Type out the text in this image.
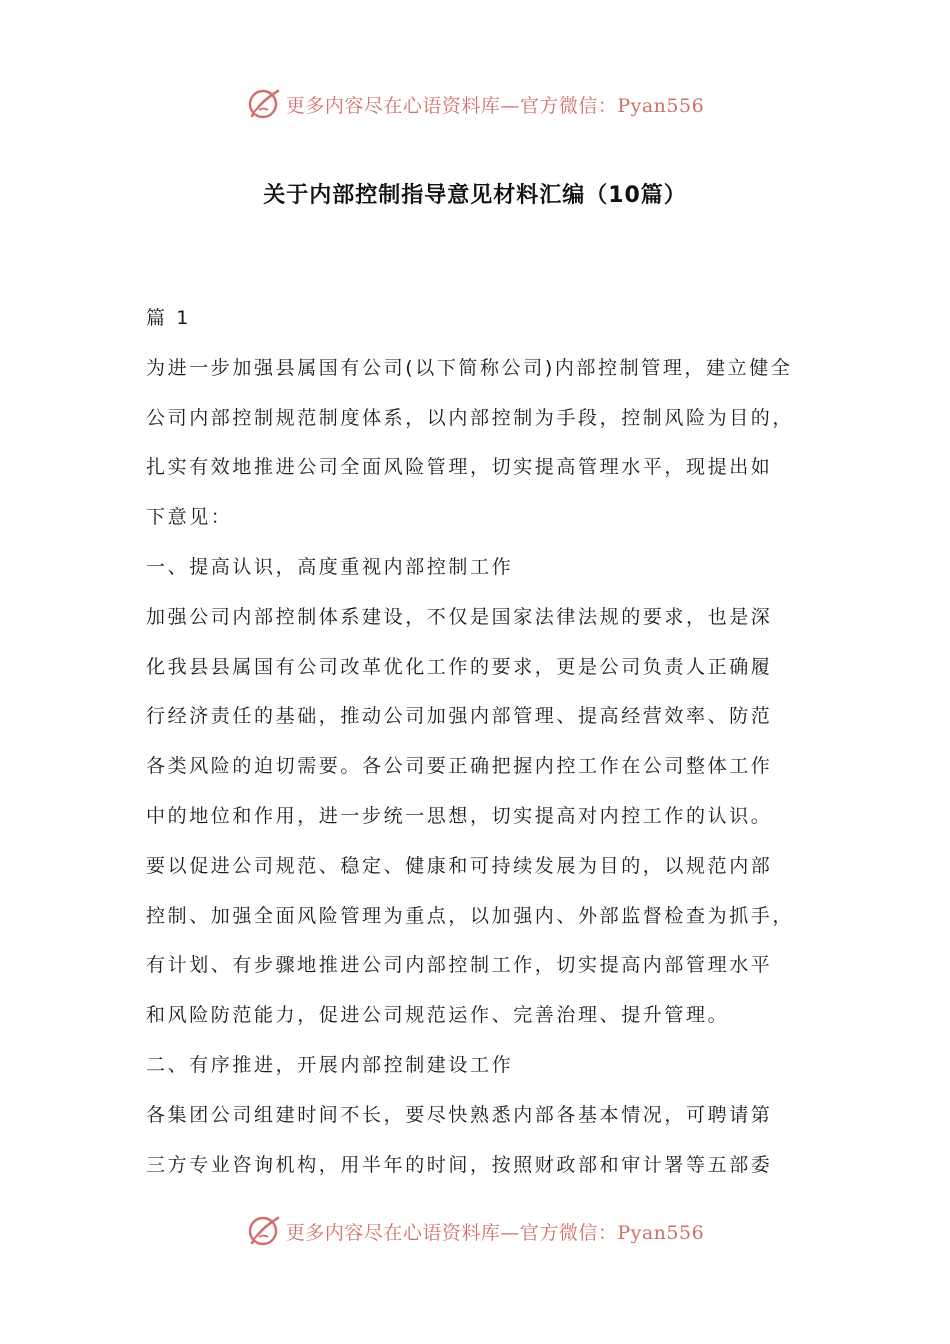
更多内容尽在心语资料库—官方微信：Pyan556
关于内部控制指导意见材料汇编（10篇）
篇 1
为进一步加强县属国有公司(以下简称公司)内部控制管理，建立健全
公司内部控制规范制度体系，以内部控制为手段，控制风险为目的，
扎实有效地推进公司全面风险管理，切实提高管理水平，现提出如
下意见：
一、提高认识，高度重视内部控制工作
加强公司内部控制体系建设，不仅是国家法律法规的要求，也是深
化我县县属国有公司改革优化工作的要求，更是公司负责人正确履
行经济责任的基础，推动公司加强内部管理、提高经营效率、防范
各类风险的迫切需要。各公司要正确把握内控工作在公司整体工作
中的地位和作用，进一步统一思想，切实提高对内控工作的认识。
要以促进公司规范、稳定、健康和可持续发展为目的，以规范内部
控制、加强全面风险管理为重点，以加强内、外部监督检查为抓手，
有计划、有步骤地推进公司内部控制工作，切实提高内部管理水平
和风险防范能力，促进公司规范运作、完善治理、提升管理。
二、有序推进，开展内部控制建设工作
各集团公司组建时间不长，要尽快熟悉内部各基本情况，可聘请第
三方专业咨询机构，用半年的时间，按照财政部和审计署等五部委
更多内容尽在心语资料库—官方微信：Pyan556
